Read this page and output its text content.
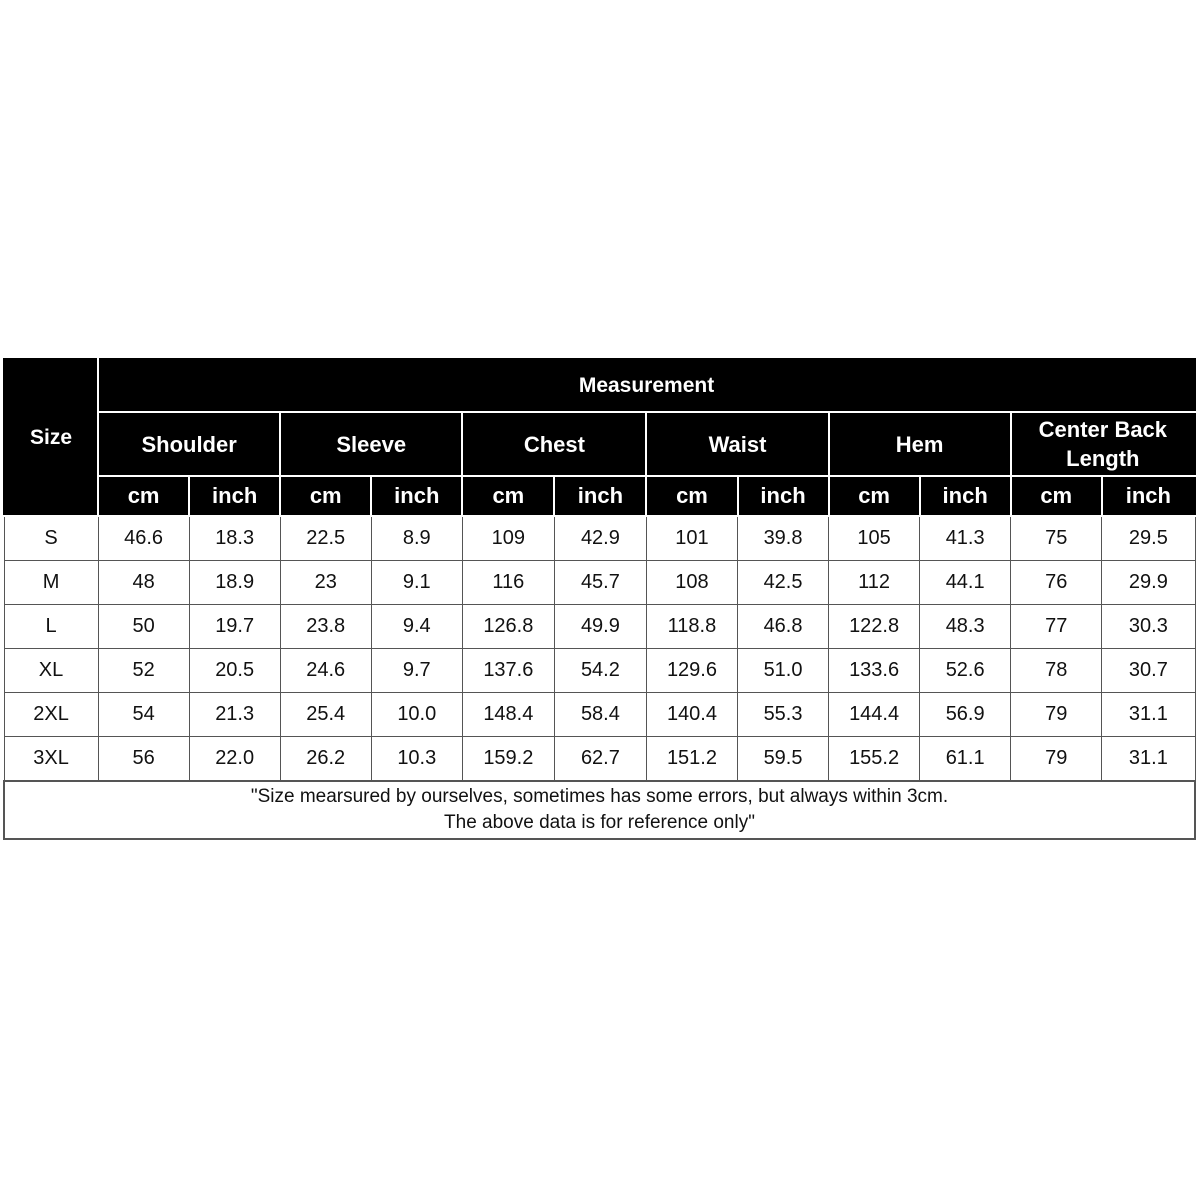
Size	Measurement											
	Shoulder		Sleeve		Chest		Waist		Hem		Center Back
Length	

	cm	inch	cm	inch	cm	inch	cm	inch	cm	inch	cm	inch
S	46.6	18.3	22.5	8.9	109	42.9	101	39.8	105	41.3	75	29.5
M	48	18.9	23	9.1	116	45.7	108	42.5	112	44.1	76	29.9
L	50	19.7	23.8	9.4	126.8	49.9	118.8	46.8	122.8	48.3	77	30.3
XL	52	20.5	24.6	9.7	137.6	54.2	129.6	51.0	133.6	52.6	78	30.7
2XL	54	21.3	25.4	10.0	148.4	58.4	140.4	55.3	144.4	56.9	79	31.1
3XL	56	22.0	26.2	10.3	159.2	62.7	151.2	59.5	155.2	61.1	79	31.1

"Size mearsured by ourselves, sometimes has some errors, but always within 3cm.
The above data is for reference only"												
